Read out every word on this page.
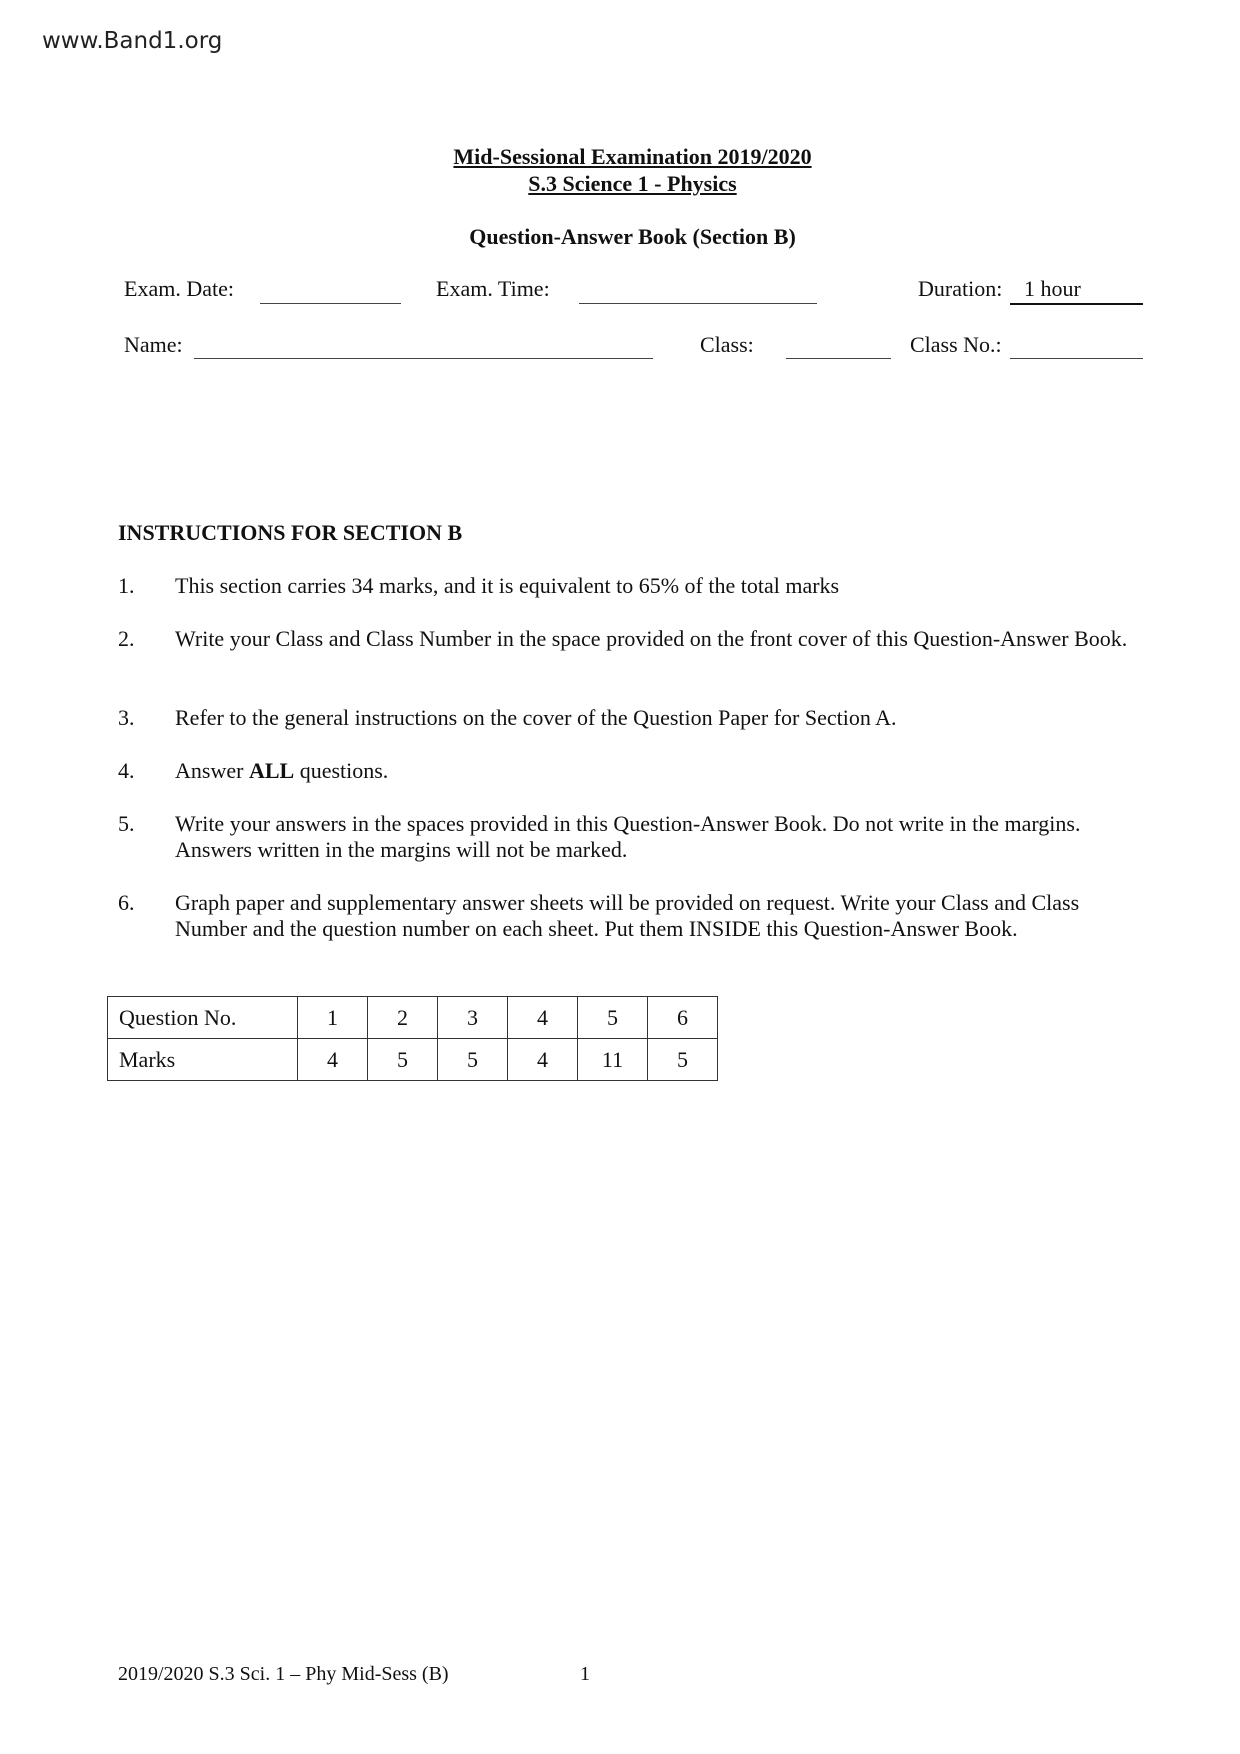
www.Band1.org
Mid-Sessional Examination 2019/2020
S.3 Science 1 - Physics
Question-Answer Book (Section B)
Exam. Date:	Exam. Time:	Duration: 1 hour
Name:	Class:	Class No.:
INSTRUCTIONS FOR SECTION B
1. This section carries 34 marks, and it is equivalent to 65% of the total marks
2. Write your Class and Class Number in the space provided on the front cover of this Question-Answer Book.
3. Refer to the general instructions on the cover of the Question Paper for Section A.
4. Answer ALL questions.
5. Write your answers in the spaces provided in this Question-Answer Book. Do not write in the margins. Answers written in the margins will not be marked.
6. Graph paper and supplementary answer sheets will be provided on request. Write your Class and Class Number and the question number on each sheet. Put them INSIDE this Question-Answer Book.
Question No.	1	2	3	4	5	6
Marks	4	5	5	4	11	5
2019/2020 S.3 Sci. 1 – Phy Mid-Sess (B)	1
